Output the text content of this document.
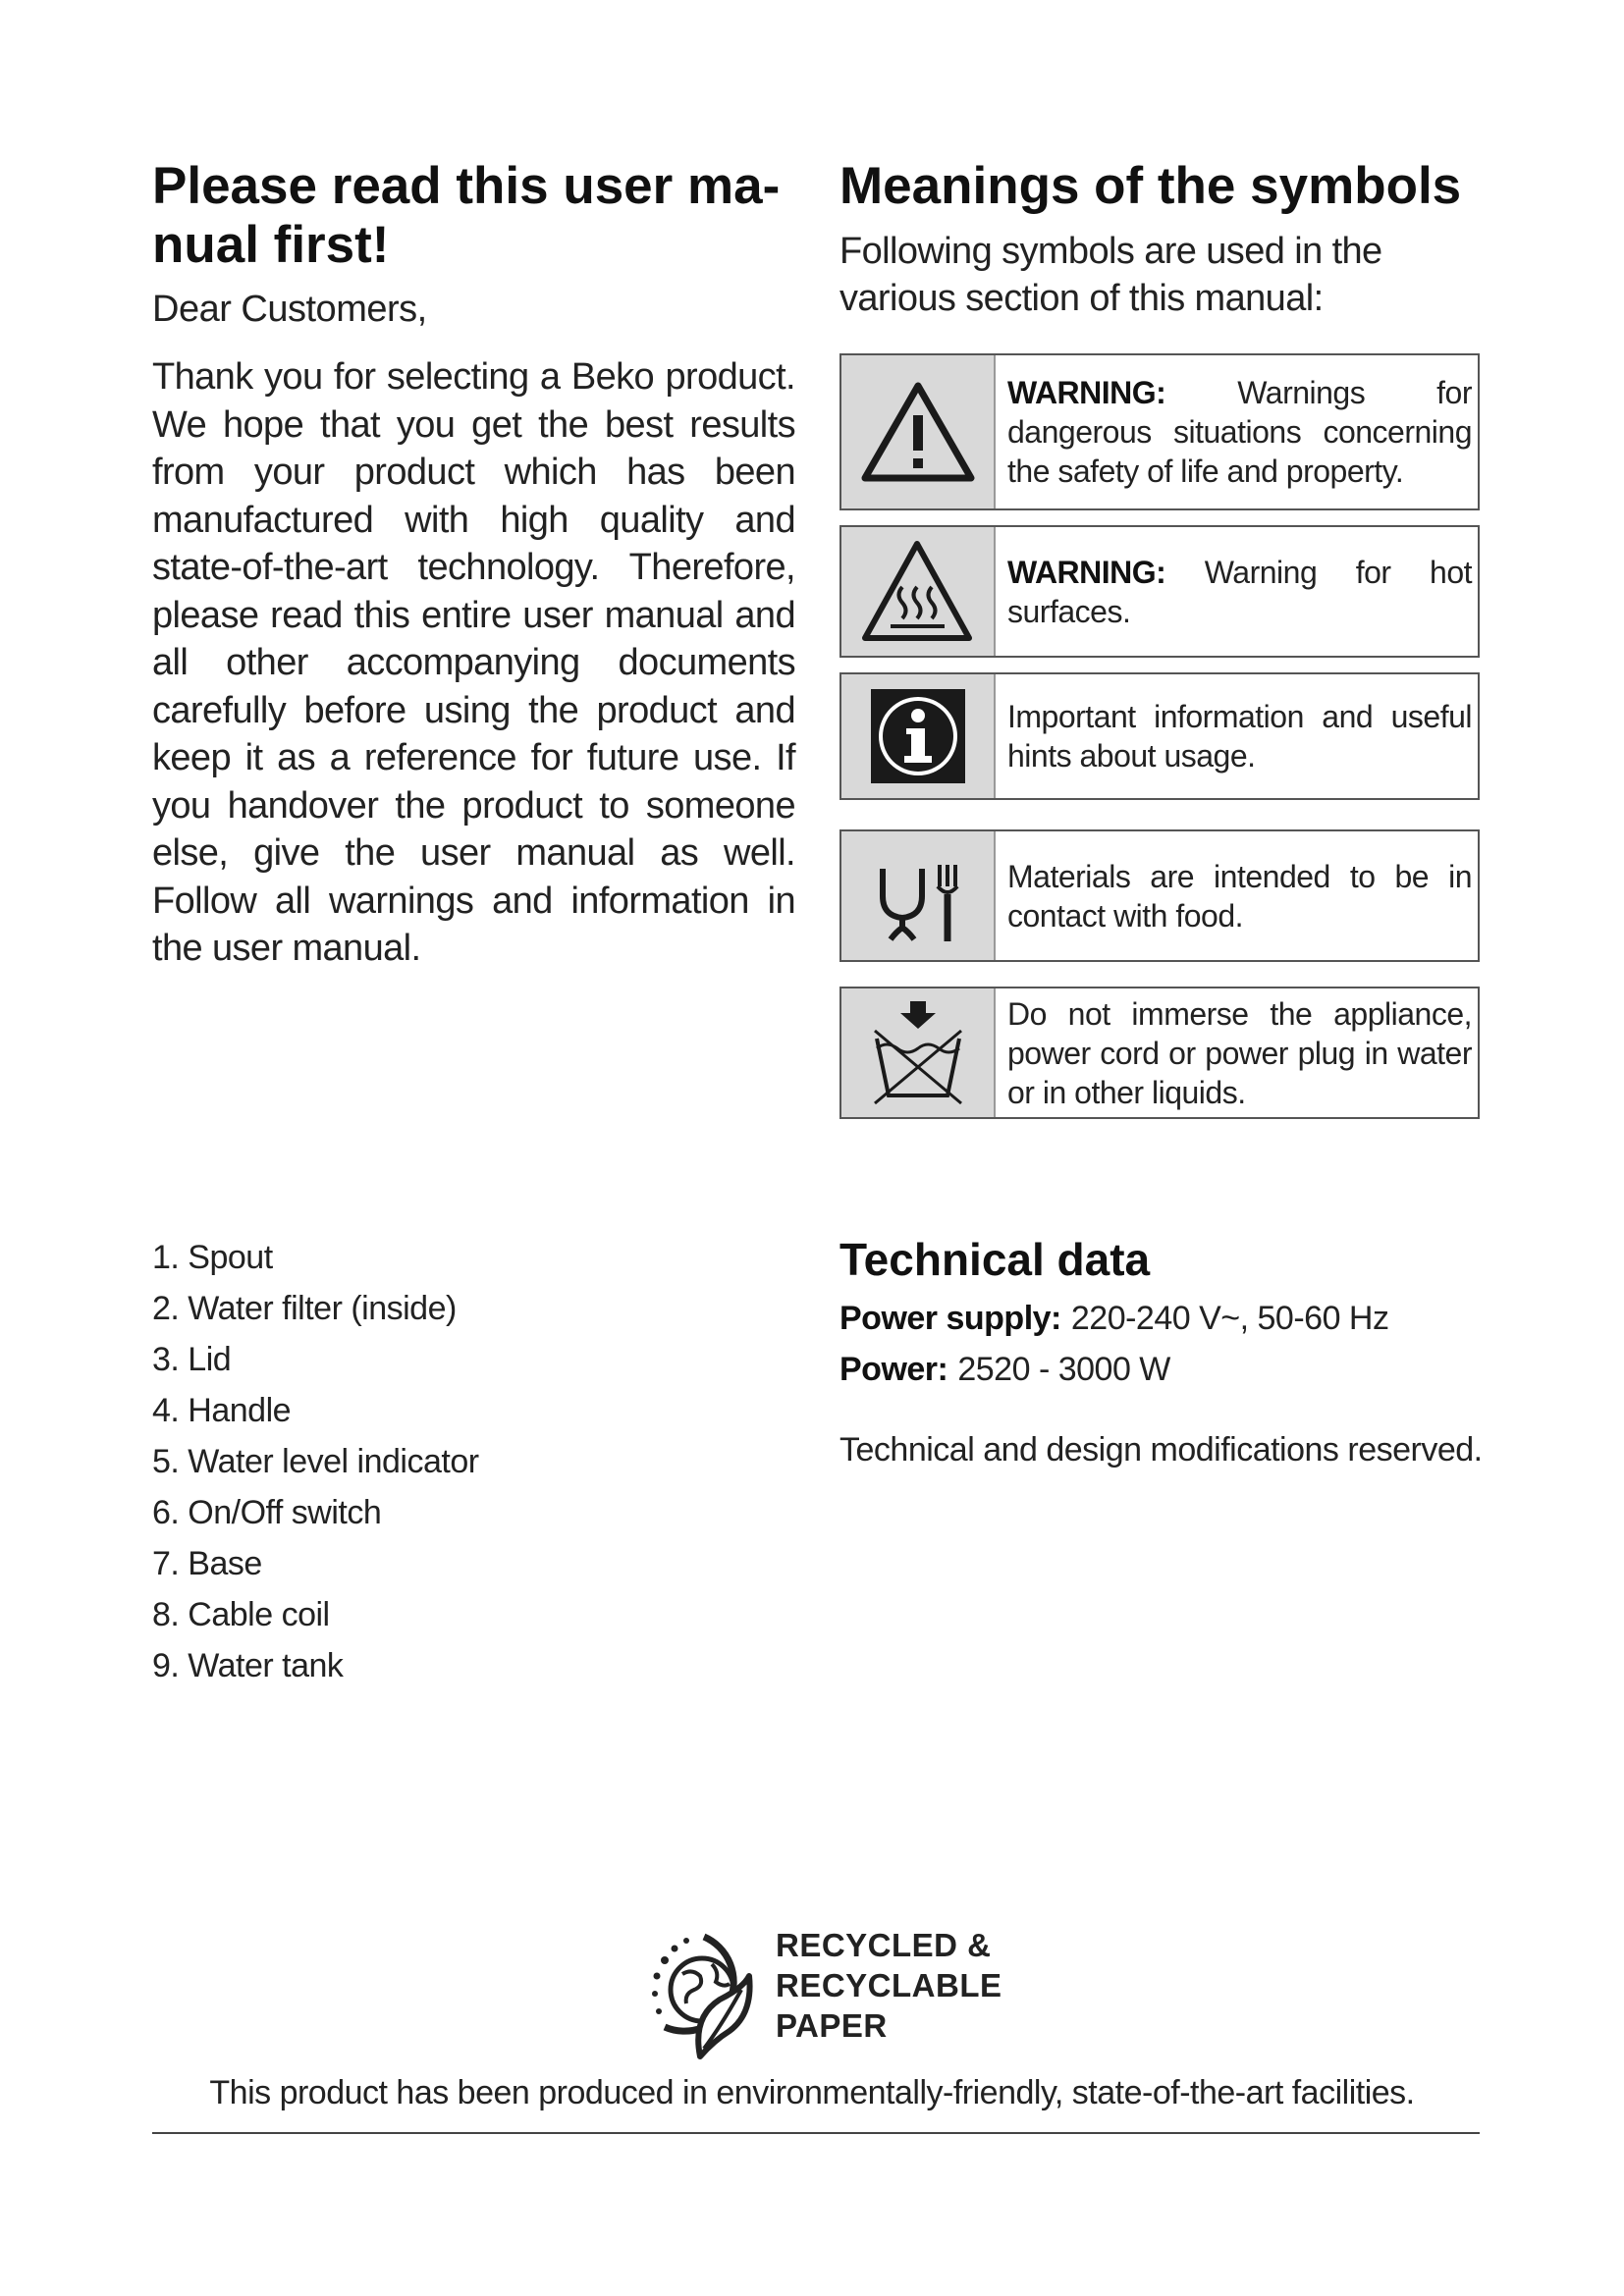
Please read this user ma-
nual first!

Dear Customers,

Thank you for selecting a Beko product. We hope that you get the best results from your product which has been manufactured with high quality and state-of-the-art technology. Therefore, please read this entire user manual and all other accompanying documents carefully before using the product and keep it as a reference for future use. If you handover the product to someone else, give the user manual as well. Follow all warnings and information in the user manual.

Meanings of the symbols

Following symbols are used in the various section of this manual:

WARNING: Warnings for dangerous situations concerning the safety of life and property.
WARNING: Warning for hot surfaces.
Important information and useful hints about usage.
Materials are intended to be in contact with food.
Do not immerse the appliance, power cord or power plug in water or in other liquids.
1. Spout
2. Water filter (inside)
3. Lid
4. Handle
5. Water level indicator
6. On/Off switch
7. Base
8. Cable coil
9. Water tank
Technical data
Power supply: 220-240 V~, 50-60 Hz
Power: 2520 - 3000 W
Technical and design modifications reserved.
RECYCLED &
RECYCLABLE
PAPER
This product has been produced in environmentally-friendly, state-of-the-art facilities.
